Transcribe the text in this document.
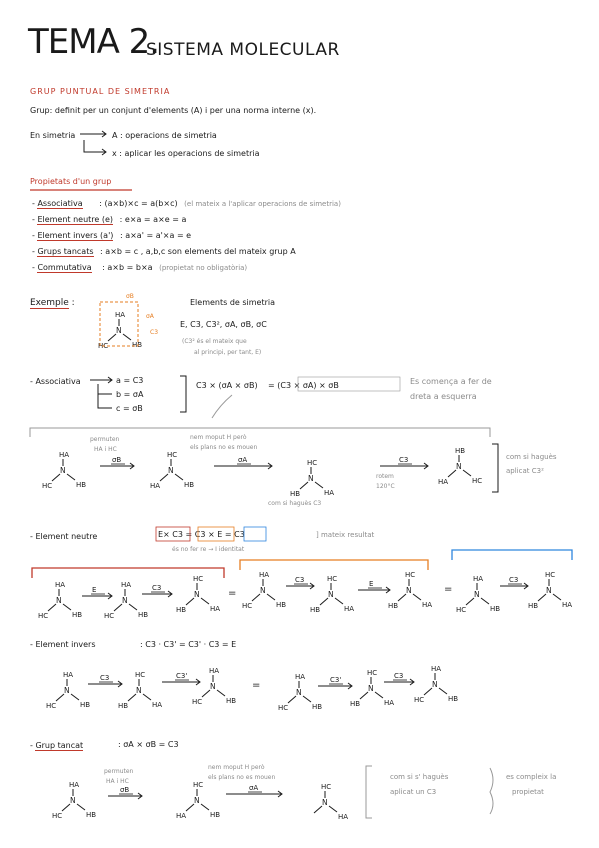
TEMA 2.
SISTEMA MOLECULAR
GRUP PUNTUAL DE SIMETRIA
Grup: definit per un conjunt d'elements (A) i per una norma interne (x).
En simetria	A : operacions de simetria
x : aplicar les operacions de simetria
Propietats d'un grup
- Associativa : (a×b)×c = a(b×c) (el mateix a l'aplicar operacions de simetria)
- Element neutre (e) : e×a = a×e = a
- Element invers (a') : a×a' = a'×a = e
- Grups tancats : a×b = c , a,b,c son elements del mateix grup A
- Commutativa : a×b = b×a (propietat no obligatòria)
Exemple :	Elements de simetria
E, C3, C3², σA, σB, σC
(C3² és el mateix que
al principi, per tant, E)
- Associativa	a = C3
b = σA
c = σB
C3 × (σA × σB) = (C3 × σA) × σB	Es comença a fer de
dreta a esquerra
permuten
HA i HC
nem moput H però
els plans no es mouen
rotem
120°C
com si haguès C3
com si haguès
aplicat C3²
- Element neutre	E× C3 = C3 × E = C3	] mateix resultat
és no fer re → I identitat
- Element invers	: C3 · C3' = C3' · C3 = E
- Grup tancat	: σA × σB = C3
permuten
HA i HC
nem moput H però
els plans no es mouen	com si s' haguès
aplicat un C3
es compleix la
propietat
N
HA
HC	HB
σB
σA
C3
N
HA
HC	HB
σB
N
HC
HA	HB
σA
N
HC
HB	HA
C3
N
HB
HA	HC
N
HA
HC	HB
E
N
HA
HC	HB
C3
N
HC
HB	HA
=	N
HA
HC	HB
C3
N
HC
HB	HA
E
N
HC
HB	HA
=	N
HA
HC	HB
C3
N
HC
HB	HA
N
HA
HC	HB
C3
N
HC
HB	HA
C3'
N
HA
HC	HB
=
N
HA
HC	HB
C3'
N
HC
HB	HA
C3
N
HA
HC	HB
N
HA
HC	HB
σB
N
HC
HA	HB
σA
N
HC
HA
